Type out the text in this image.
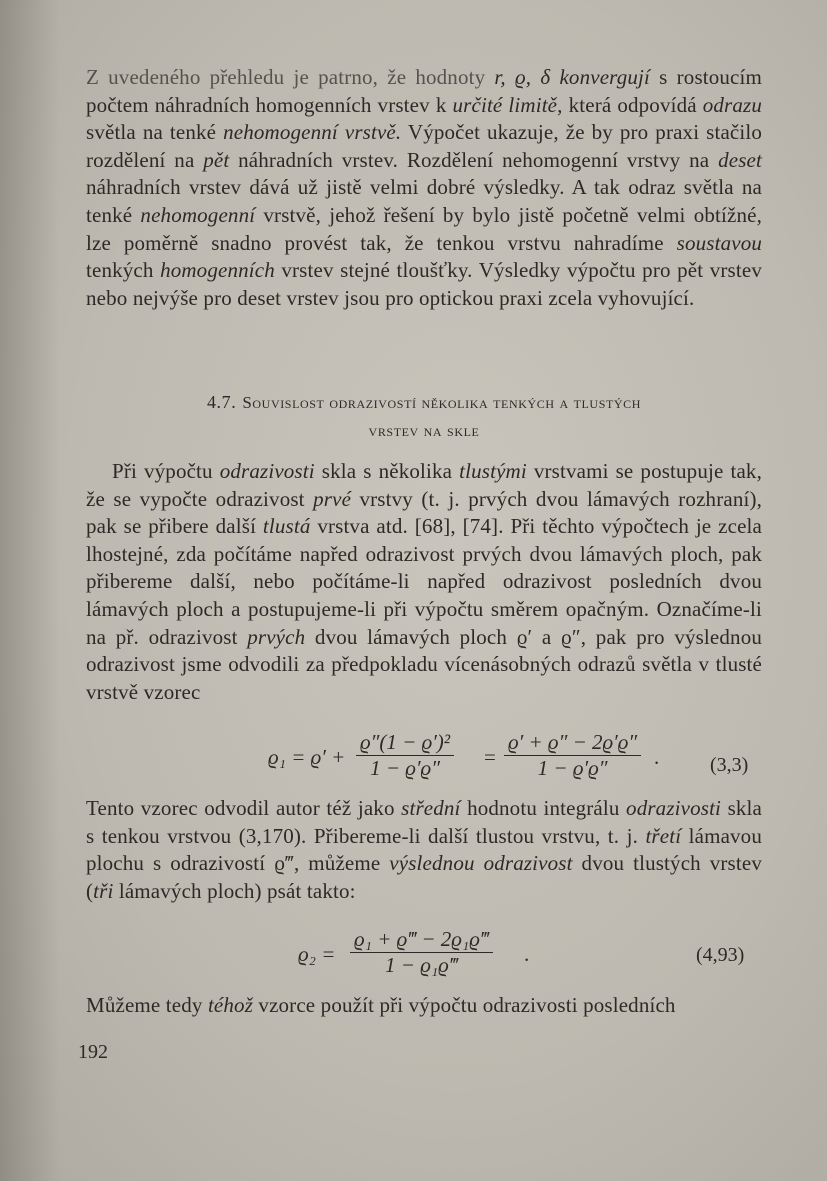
Z uvedeného přehledu je patrno, že hodnoty r, ϱ, δ konvergují s rostoucím počtem náhradních homogenních vrstev k určité limitě, která odpovídá odrazu světla na tenké nehomogenní vrstvě. Výpočet ukazuje, že by pro praxi stačilo rozdělení na pět náhradních vrstev. Rozdělení nehomogenní vrstvy na deset náhradních vrstev dává už jistě velmi dobré výsledky. A tak odraz světla na tenké nehomogenní vrstvě, jehož řešení by bylo jistě početně velmi obtížné, lze poměrně snadno provést tak, že tenkou vrstvu nahradíme soustavou tenkých homogenních vrstev stejné tloušťky. Výsledky výpočtu pro pět vrstev nebo nejvýše pro deset vrstev jsou pro optickou praxi zcela vyhovující.
4.7. Souvislost odrazivostí několika tenkých a tlustých
vrstev na skle
Při výpočtu odrazivosti skla s několika tlustými vrstvami se postupuje tak, že se vypočte odrazivost prvé vrstvy (t. j. prvých dvou lámavých rozhraní), pak se přibere další tlustá vrstva atd. [68], [74]. Při těchto výpočtech je zcela lhostejné, zda počítáme napřed odrazivost prvých dvou lámavých ploch, pak přibereme další, nebo počítáme-li napřed odrazivost posledních dvou lámavých ploch a postupujeme-li při výpočtu směrem opačným. Označíme-li na př. odrazivost prvých dvou lámavých ploch ϱ′ a ϱ″, pak pro výslednou odrazivost jsme odvodili za předpokladu vícenásobných odrazů světla v tlusté vrstvě vzorec
$ϱ_1 = ϱ' + \frac{\text{ϱ″(1 − ϱ′)²}}{1 - ϱ'ϱ''} = \frac{ϱ' + ϱ'' - 2ϱ'ϱ''}{1 - ϱ'ϱ''}$ .	(3,3)
Tento vzorec odvodil autor též jako střední hodnotu integrálu odrazivosti skla s tenkou vrstvou (3,170). Přibereme-li další tlustou vrstvu, t. j. třetí lámavou plochu s odrazivostí ϱ‴, můžeme výslednou odrazivost dvou tlustých vrstev (tři lámavých ploch) psát takto:
$ϱ_2 = \frac{\text{ϱ₁ + ϱ‴ − 2ϱ₁ϱ‴}}{\text{1 − ϱ₁ϱ‴}}$ .	(4,93)
Můžeme tedy téhož vzorce použít při výpočtu odrazivosti posledních
192
